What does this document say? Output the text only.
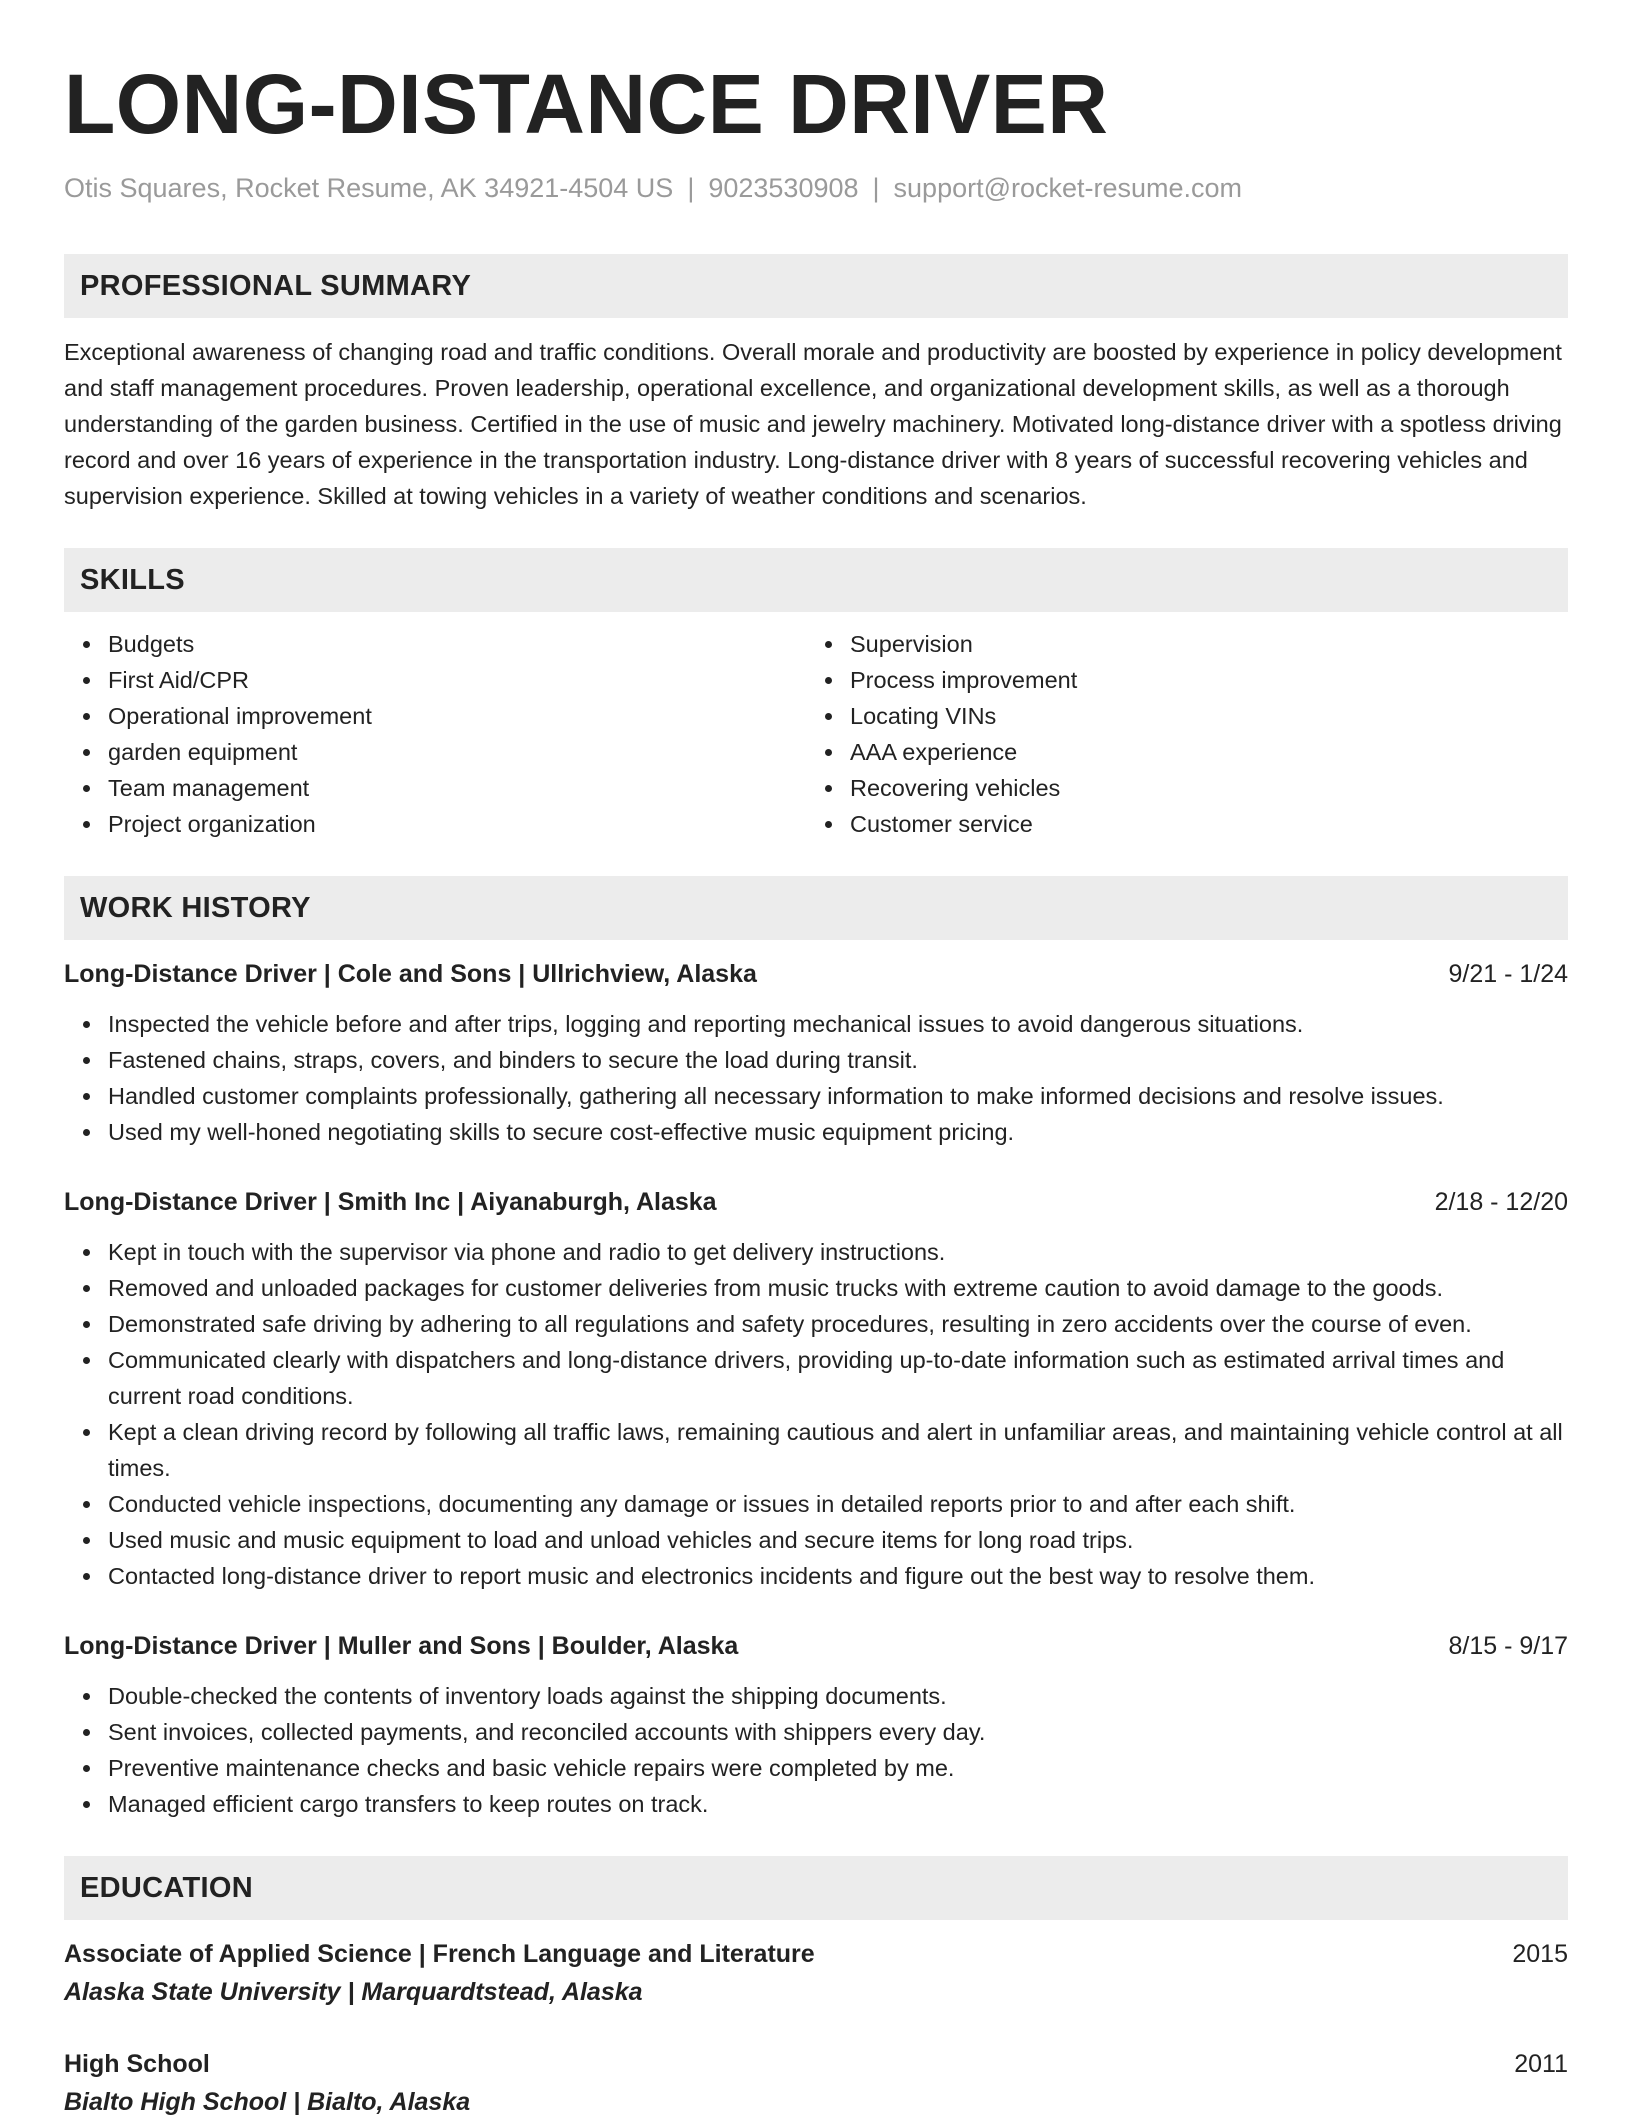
LONG-DISTANCE DRIVER
Otis Squares, Rocket Resume, AK 34921-4504 US | 9023530908 | support@rocket-resume.com
PROFESSIONAL SUMMARY

Exceptional awareness of changing road and traffic conditions. Overall morale and productivity are boosted by experience in policy development and staff management procedures. Proven leadership, operational excellence, and organizational development skills, as well as a thorough understanding of the garden business. Certified in the use of music and jewelry machinery. Motivated long-distance driver with a spotless driving record and over 16 years of experience in the transportation industry. Long-distance driver with 8 years of successful recovering vehicles and supervision experience. Skilled at towing vehicles in a variety of weather conditions and scenarios.

SKILLS
Budgets
First Aid/CPR
Operational improvement
garden equipment
Team management
Project organization
Supervision
Process improvement
Locating VINs
AAA experience
Recovering vehicles
Customer service
WORK HISTORY
Long-Distance Driver | Cole and Sons | Ullrichview, Alaska	9/21 - 1/24
Inspected the vehicle before and after trips, logging and reporting mechanical issues to avoid dangerous situations.
Fastened chains, straps, covers, and binders to secure the load during transit.
Handled customer complaints professionally, gathering all necessary information to make informed decisions and resolve issues.
Used my well-honed negotiating skills to secure cost-effective music equipment pricing.
Long-Distance Driver | Smith Inc | Aiyanaburgh, Alaska	2/18 - 12/20
Kept in touch with the supervisor via phone and radio to get delivery instructions.
Removed and unloaded packages for customer deliveries from music trucks with extreme caution to avoid damage to the goods.
Demonstrated safe driving by adhering to all regulations and safety procedures, resulting in zero accidents over the course of even.
Communicated clearly with dispatchers and long-distance drivers, providing up-to-date information such as estimated arrival times and current road conditions.
Kept a clean driving record by following all traffic laws, remaining cautious and alert in unfamiliar areas, and maintaining vehicle control at all times.
Conducted vehicle inspections, documenting any damage or issues in detailed reports prior to and after each shift.
Used music and music equipment to load and unload vehicles and secure items for long road trips.
Contacted long-distance driver to report music and electronics incidents and figure out the best way to resolve them.
Long-Distance Driver | Muller and Sons | Boulder, Alaska	8/15 - 9/17
Double-checked the contents of inventory loads against the shipping documents.
Sent invoices, collected payments, and reconciled accounts with shippers every day.
Preventive maintenance checks and basic vehicle repairs were completed by me.
Managed efficient cargo transfers to keep routes on track.
EDUCATION
Associate of Applied Science | French Language and Literature	2015
Alaska State University | Marquardtstead, Alaska
High School	2011
Bialto High School | Bialto, Alaska
